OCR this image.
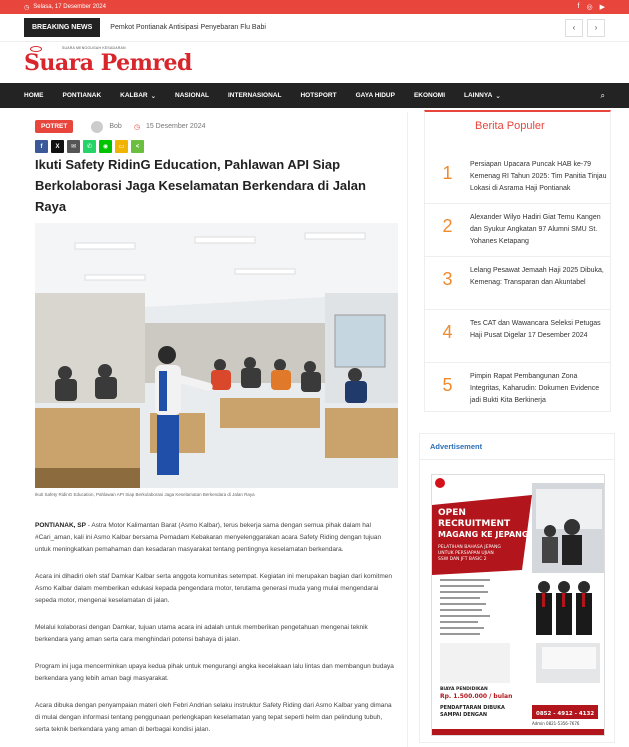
◷ Selasa, 17 Desember 2024	f ◎ ▶
BREAKING NEWS	Pemkot Pontianak Antisipasi Penyebaran Flu Babi	‹	›
SUARA MENGGUGAH KESADARAN
Suara Pemred
HOME	PONTIANAK	KALBAR ⌄	NASIONAL	INTERNASIONAL	HOTSPORT	GAYA HIDUP	EKONOMI	LAINNYA ⌄	⌕
POTRET	Bob ◷ 15 Desember 2024
f X ✉ ✆ ◉ ▭ <
Ikuti Safety RidinG Education, Pahlawan API Siap Berkolaborasi Jaga Keselamatan Berkendara di Jalan Raya
Ikuti Safety RidinG Education, Pahlawan API Siap Berkolaborasi Jaga Keselamatan Berkendara di Jalan Raya

PONTIANAK, SP - Astra Motor Kalimantan Barat (Asmo Kalbar), terus bekerja sama dengan semua pihak dalam hal #Cari_aman, kali ini Asmo Kalbar bersama Pemadam Kebakaran menyelenggarakan acara Safety Riding dengan tujuan untuk meningkatkan pemahaman dan kesadaran masyarakat tentang pentingnya keselamatan berkendara.

Acara ini dihadiri oleh staf Damkar Kalbar serta anggota komunitas setempat. Kegiatan ini merupakan bagian dari komitmen Asmo Kalbar dalam memberikan edukasi kepada pengendara motor, terutama generasi muda yang mulai mengendarai sepeda motor, mengenai keselamatan di jalan.

Melalui kolaborasi dengan Damkar, tujuan utama acara ini adalah untuk memberikan pengetahuan mengenai teknik berkendara yang aman serta cara menghindari potensi bahaya di jalan.

Program ini juga mencerminkan upaya kedua pihak untuk mengurangi angka kecelakaan lalu lintas dan membangun budaya berkendara yang lebih aman bagi masyarakat.

Acara dibuka dengan penyampaian materi oleh Febri Andrian selaku instruktur Safety Riding dari Asmo Kalbar yang dimana di mulai dengan informasi tentang penggunaan perlengkapan keselamatan yang tepat seperti helm dan pelindung tubuh, serta teknik berkendara yang aman di berbagai kondisi jalan.

Berita Populer
1	Persiapan Upacara Puncak HAB ke-79 Kemenag RI Tahun 2025: Tim Panitia Tinjau Lokasi di Asrama Haji Pontianak
2	Alexander Wilyo Hadiri Giat Temu Kangen dan Syukur Angkatan 97 Alumni SMU St. Yohanes Ketapang
3	Lelang Pesawat Jemaah Haji 2025 Dibuka, Kemenag: Transparan dan Akuntabel
4	Tes CAT dan Wawancara Seleksi Petugas Haji Pusat Digelar 17 Desember 2024
5	Pimpin Rapat Pembangunan Zona Integritas, Kaharudin: Dokumen Evidence jadi Bukti Kita Berkinerja
Advertisement
OPEN
RECRUITMENT
MAGANG KE JEPANG
PELATIHAN BAHASA JEPANG
UNTUK PERSIAPAN UJIAN
SSW DAN JFT BASIC 2
BIAYA PENDIDIKAN
Rp. 1.500.000 / bulan
PENDAFTARAN DIBUKA
SAMPAI DENGAN	0852 - 4912 - 4132
Admin 0821-5356-7676
